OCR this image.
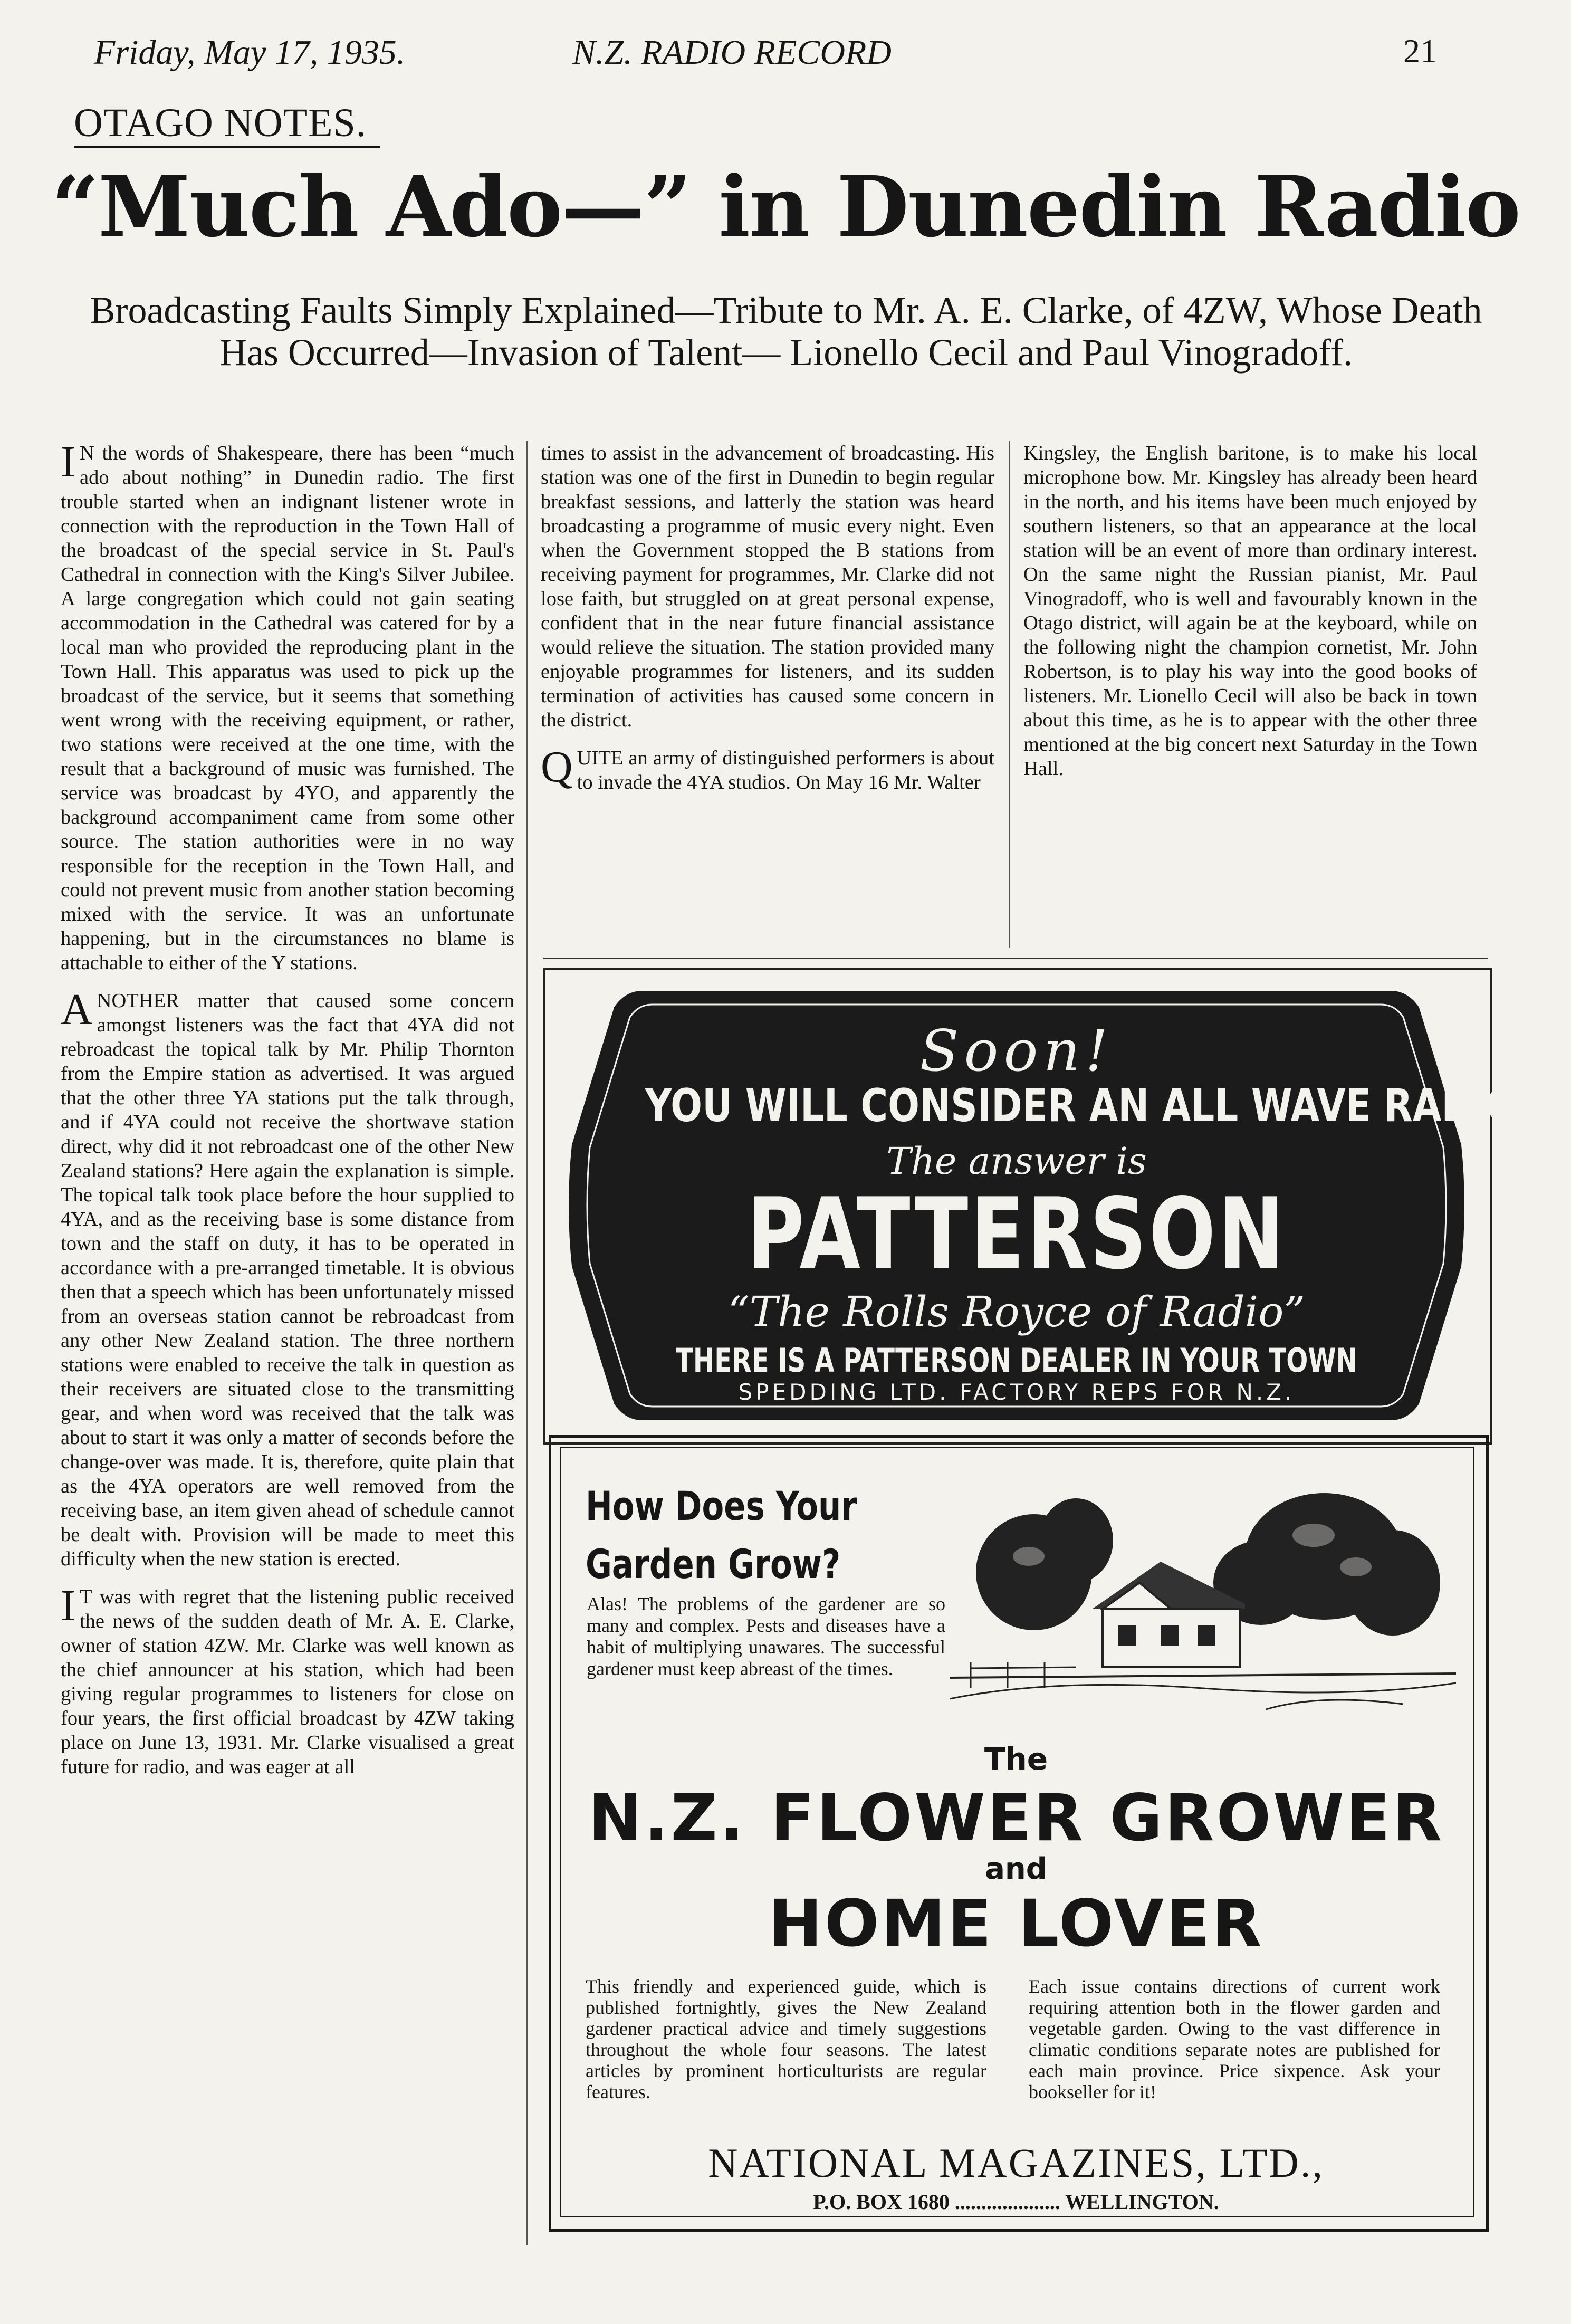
Friday, May 17, 1935.	N.Z. RADIO RECORD	21
OTAGO NOTES.
“Much Ado—” in Dunedin Radio
Broadcasting Faults Simply Explained—Tribute to Mr. A. E. Clarke, of 4ZW, Whose Death Has Occurred—Invasion of Talent— Lionello Cecil and Paul Vinogradoff.

I N the words of Shakespeare, there has been “much ado about nothing” in Dunedin radio. The first trouble started when an indignant listener wrote in connection with the reproduction in the Town Hall of the broadcast of the special service in St. Paul's Cathedral in connection with the King's Silver Jubilee. A large congregation which could not gain seating accommodation in the Cathedral was catered for by a local man who provided the reproducing plant in the Town Hall. This apparatus was used to pick up the broadcast of the service, but it seems that something went wrong with the receiving equipment, or rather, two stations were received at the one time, with the result that a background of music was furnished. The service was broadcast by 4YO, and apparently the background accompaniment came from some other source. The station authorities were in no way responsible for the reception in the Town Hall, and could not prevent music from another station becoming mixed with the service. It was an unfortunate happening, but in the circumstances no blame is attachable to either of the Y stations.

ANOTHER matter that caused some concern amongst listeners was the fact that 4YA did not rebroadcast the topical talk by Mr. Philip Thornton from the Empire station as advertised. It was argued that the other three YA stations put the talk through, and if 4YA could not receive the shortwave station direct, why did it not rebroadcast one of the other New Zealand stations? Here again the explanation is simple. The topical talk took place before the hour supplied to 4YA, and as the receiving base is some distance from town and the staff on duty, it has to be operated in accordance with a pre-arranged timetable. It is obvious then that a speech which has been unfortunately missed from an overseas station cannot be rebroadcast from any other New Zealand station. The three northern stations were enabled to receive the talk in question as their receivers are situated close to the transmitting gear, and when word was received that the talk was about to start it was only a matter of seconds before the change-over was made. It is, therefore, quite plain that as the 4YA operators are well removed from the receiving base, an item given ahead of schedule cannot be dealt with. Provision will be made to meet this difficulty when the new station is erected.

I T was with regret that the listening public received the news of the sudden death of Mr. A. E. Clarke, owner of station 4ZW. Mr. Clarke was well known as the chief announcer at his station, which had been giving regular programmes to listeners for close on four years, the first official broadcast by 4ZW taking place on June 13, 1931. Mr. Clarke visualised a great future for radio, and was eager at all

times to assist in the advancement of broadcasting. His station was one of the first in Dunedin to begin regular breakfast sessions, and latterly the station was heard broadcasting a programme of music every night. Even when the Government stopped the B stations from receiving payment for programmes, Mr. Clarke did not lose faith, but struggled on at great personal expense, confident that in the near future financial assistance would relieve the situation. The station provided many enjoyable programmes for listeners, and its sudden termination of activities has caused some concern in the district.

QUITE an army of distinguished performers is about to invade the 4YA studios. On May 16 Mr. Walter

Kingsley, the English baritone, is to make his local microphone bow. Mr. Kingsley has already been heard in the north, and his items have been much enjoyed by southern listeners, so that an appearance at the local station will be an event of more than ordinary interest. On the same night the Russian pianist, Mr. Paul Vinogradoff, who is well and favourably known in the Otago district, will again be at the keyboard, while on the following night the champion cornetist, Mr. John Robertson, is to play his way into the good books of listeners. Mr. Lionello Cecil will also be back in town about this time, as he is to appear with the other three mentioned at the big concert next Saturday in the Town Hall.

Soon!
YOU WILL CONSIDER AN ALL WAVE RADIO
The answer is
PATTERSON
“The Rolls Royce of Radio”
THERE IS A PATTERSON DEALER IN YOUR TOWN
SPEDDING LTD. FACTORY REPS FOR N.Z.
How Does Your
Garden Grow?
Alas! The problems of the gardener are so many and complex. Pests and diseases have a habit of multiplying unawares. The successful gardener must keep abreast of the times.
The
N.Z. FLOWER GROWER
and
HOME LOVER
This friendly and experienced guide, which is published fortnightly, gives the New Zealand gardener practical advice and timely suggestions throughout the whole four seasons. The latest articles by prominent horticulturists are regular features.
Each issue contains directions of current work requiring attention both in the flower garden and vegetable garden. Owing to the vast difference in climatic conditions separate notes are published for each main province. Price sixpence. Ask your bookseller for it!
NATIONAL MAGAZINES, LTD.,
P.O. BOX 1680 .................... WELLINGTON.
